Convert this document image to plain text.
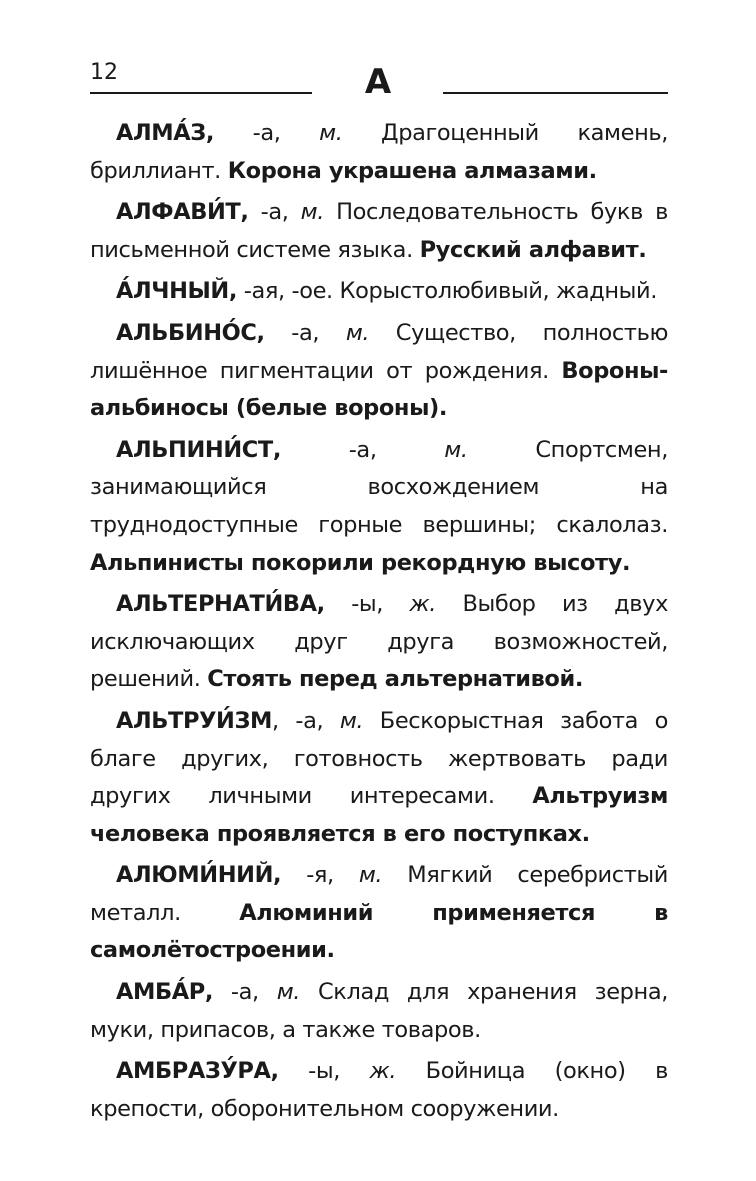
12	А

АЛМА́З, -а, м. Драгоценный камень, бриллиант. Корона украшена алмазами.

АЛФАВИ́Т, -а, м. Последовательность букв в письменной системе языка. Русский алфавит.

А́ЛЧНЫЙ, -ая, -ое. Корыстолюбивый, жадный.

АЛЬБИНО́С, -а, м. Существо, полностью лишённое пигментации от рождения. Вороны-альбиносы (белые вороны).

АЛЬПИНИ́СТ, -а, м. Спортсмен, занимающийся восхождением на труднодоступные горные вершины; скалолаз. Альпинисты покорили рекордную высоту.

АЛЬТЕРНАТИ́ВА, -ы, ж. Выбор из двух исключающих друг друга возможностей, решений. Стоять перед альтернативой.

АЛЬТРУИ́ЗМ, -а, м. Бескорыстная забота о благе других, готовность жертвовать ради других личными интересами. Альтруизм человека проявляется в его поступках.

АЛЮМИ́НИЙ, -я, м. Мягкий серебристый металл. Алюминий применяется в самолётостроении.

АМБА́Р, -а, м. Склад для хранения зерна, муки, припасов, а также товаров.

АМБРАЗУ́РА, -ы, ж. Бойница (окно) в крепости, оборонительном сооружении.
